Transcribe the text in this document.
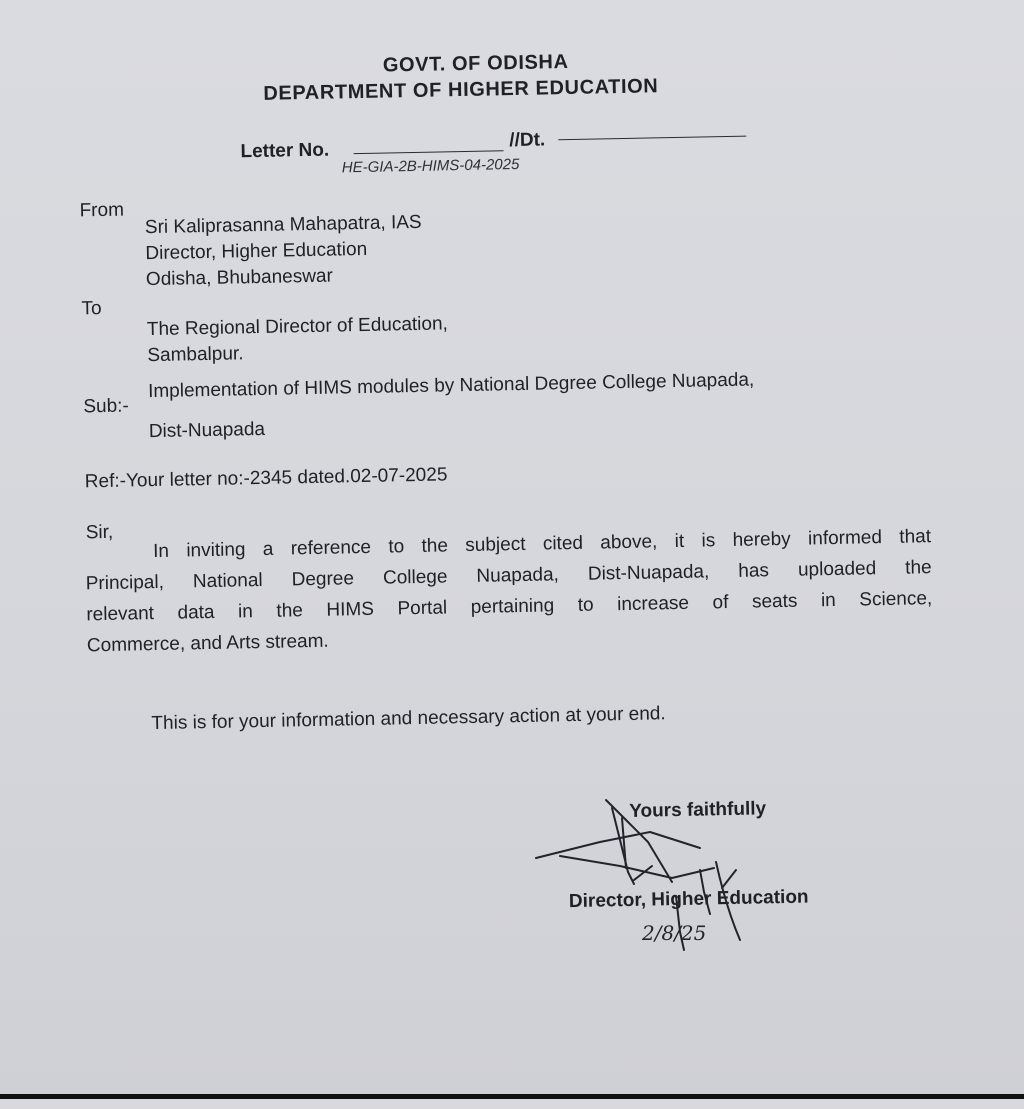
GOVT. OF ODISHA
DEPARTMENT OF HIGHER EDUCATION
Letter No.	//Dt.
HE-GIA-2B-HIMS-04-2025
From
Sri Kaliprasanna Mahapatra, IAS
Director, Higher Education
Odisha, Bhubaneswar
To
The Regional Director of Education,
Sambalpur.
Sub:-
Implementation of HIMS modules by National Degree College Nuapada,
Dist-Nuapada
Ref:-Your letter no:-2345 dated.02-07-2025
Sir, In inviting a reference to the subject cited above, it is hereby informed that
Principal, National Degree College Nuapada, Dist-Nuapada, has uploaded the
relevant data in the HIMS Portal pertaining to increase of seats in Science,
Commerce, and Arts stream.
This is for your information and necessary action at your end.
Yours faithfully
Director, Higher Education
2/8/25
